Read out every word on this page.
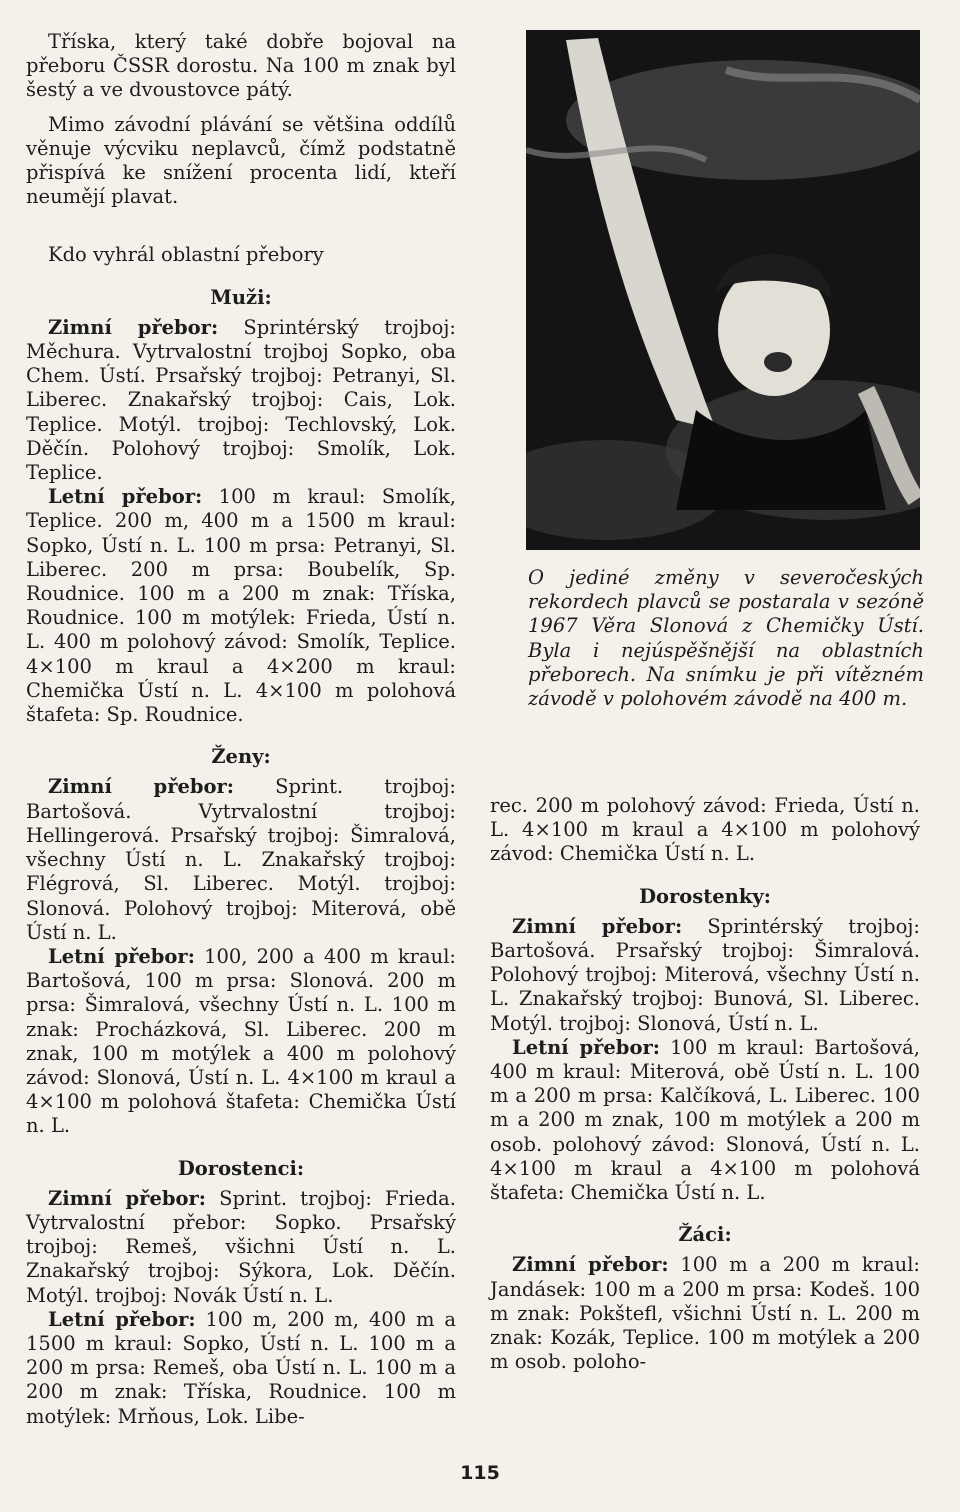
Tříska, který také dobře bojoval na přeboru ČSSR dorostu. Na 100 m znak byl šestý a ve dvoustovce pátý.

Mimo závodní plávání se většina oddílů věnuje výcviku neplavců, čímž podstatně přispívá ke snížení procenta lidí, kteří neumějí plavat.

Kdo vyhrál oblastní přebory

Muži:

Zimní přebor: Sprintérský trojboj: Měchura. Vytrvalostní trojboj Sopko, oba Chem. Ústí. Prsařský trojboj: Petranyi, Sl. Liberec. Znakařský trojboj: Cais, Lok. Teplice. Motýl. trojboj: Techlovský, Lok. Děčín. Polohový trojboj: Smolík, Lok. Teplice.

Letní přebor: 100 m kraul: Smolík, Teplice. 200 m, 400 m a 1500 m kraul: Sopko, Ústí n. L. 100 m prsa: Petranyi, Sl. Liberec. 200 m prsa: Boubelík, Sp. Roudnice. 100 m a 200 m znak: Tříska, Roudnice. 100 m motýlek: Frieda, Ústí n. L. 400 m polohový závod: Smolík, Teplice. 4×100 m kraul a 4×200 m kraul: Chemička Ústí n. L. 4×100 m polohová štafeta: Sp. Roudnice.

Ženy:

Zimní přebor: Sprint. trojboj: Bartošová. Vytrvalostní trojboj: Hellingerová. Prsařský trojboj: Šimralová, všechny Ústí n. L. Znakařský trojboj: Flégrová, Sl. Liberec. Motýl. trojboj: Slonová. Polohový trojboj: Miterová, obě Ústí n. L.

Letní přebor: 100, 200 a 400 m kraul: Bartošová, 100 m prsa: Slonová. 200 m prsa: Šimralová, všechny Ústí n. L. 100 m znak: Procházková, Sl. Liberec. 200 m znak, 100 m motýlek a 400 m polohový závod: Slonová, Ústí n. L. 4×100 m kraul a 4×100 m polohová štafeta: Chemička Ústí n. L.

Dorostenci:

Zimní přebor: Sprint. trojboj: Frieda. Vytrvalostní přebor: Sopko. Prsařský trojboj: Remeš, všichni Ústí n. L. Znakařský trojboj: Sýkora, Lok. Děčín. Motýl. trojboj: Novák Ústí n. L.

Letní přebor: 100 m, 200 m, 400 m a 1500 m kraul: Sopko, Ústí n. L. 100 m a 200 m prsa: Remeš, oba Ústí n. L. 100 m a 200 m znak: Tříska, Roudnice. 100 m motýlek: Mrňous, Lok. Libe-

O jediné změny v severočeských rekordech plavců se postarala v sezóně 1967 Věra Slonová z Chemičky Ústí. Byla i nejúspěšnější na oblastních přeborech. Na snímku je při vítězném závodě v polohovém závodě na 400 m.

rec. 200 m polohový závod: Frieda, Ústí n. L. 4×100 m kraul a 4×100 m polohový závod: Chemička Ústí n. L.

Dorostenky:

Zimní přebor: Sprintérský trojboj: Bartošová. Prsařský trojboj: Šimralová. Polohový trojboj: Miterová, všechny Ústí n. L. Znakařský trojboj: Bunová, Sl. Liberec. Motýl. trojboj: Slonová, Ústí n. L.

Letní přebor: 100 m kraul: Bartošová, 400 m kraul: Miterová, obě Ústí n. L. 100 m a 200 m prsa: Kalčíková, L. Liberec. 100 m a 200 m znak, 100 m motýlek a 200 m osob. polohový závod: Slonová, Ústí n. L. 4×100 m kraul a 4×100 m polohová štafeta: Chemička Ústí n. L.

Žáci:

Zimní přebor: 100 m a 200 m kraul: Jandásek: 100 m a 200 m prsa: Kodeš. 100 m znak: Pokštefl, všichni Ústí n. L. 200 m znak: Kozák, Teplice. 100 m motýlek a 200 m osob. poloho-

115
